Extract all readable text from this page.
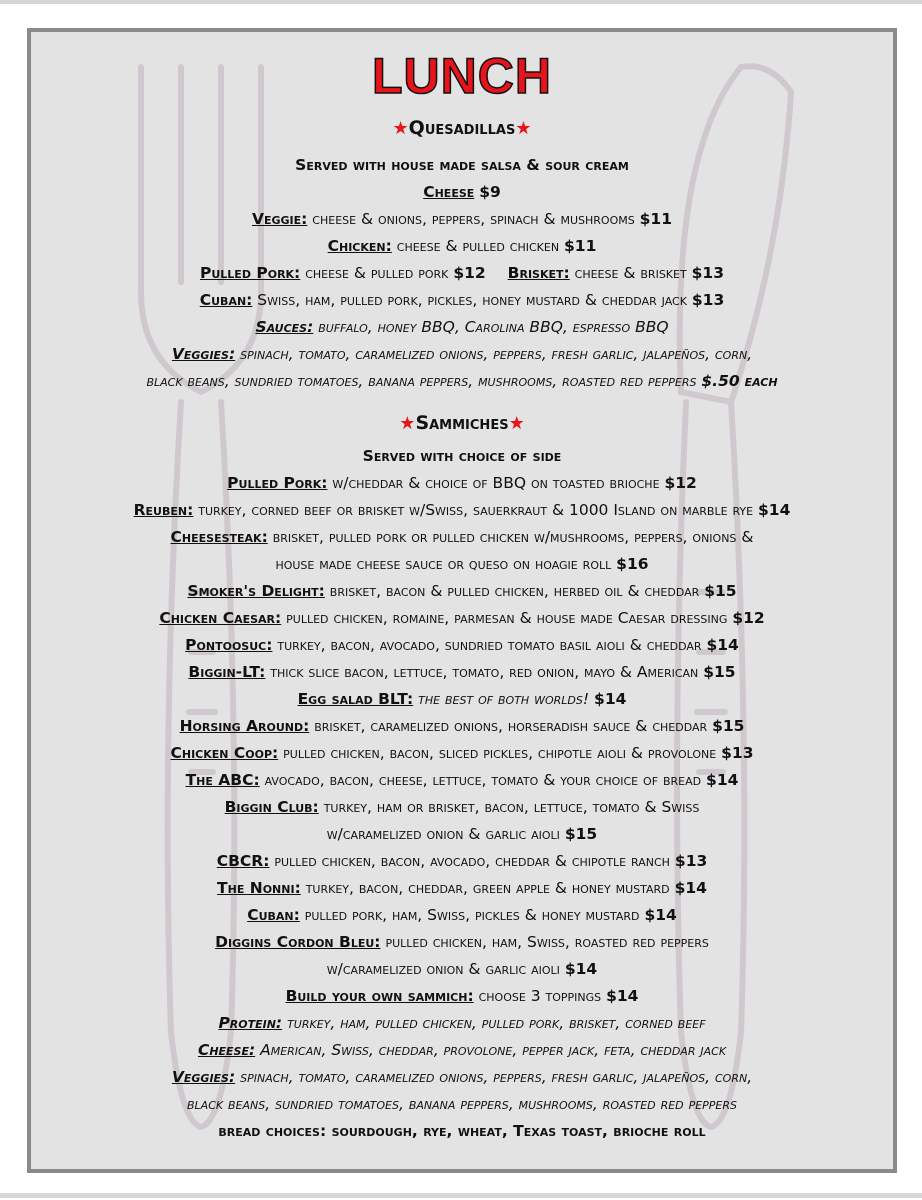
LUNCH
★Quesadillas★
Served with house made salsa & sour cream
Cheese $9
Veggie: cheese & onions, peppers, spinach & mushrooms $11
Chicken: cheese & pulled chicken $11
Pulled Pork: cheese & pulled pork $12 Brisket: cheese & brisket $13
Cuban: Swiss, ham, pulled pork, pickles, honey mustard & cheddar jack $13
Sauces: buffalo, honey BBQ, Carolina BBQ, espresso BBQ
Veggies: spinach, tomato, caramelized onions, peppers, fresh garlic, jalapeños, corn,
black beans, sundried tomatoes, banana peppers, mushrooms, roasted red peppers $.50 each
★Sammiches★
Served with choice of side
Pulled Pork: w/cheddar & choice of BBQ on toasted brioche $12
Reuben: turkey, corned beef or brisket w/Swiss, sauerkraut & 1000 Island on marble rye $14
Cheesesteak: brisket, pulled pork or pulled chicken w/mushrooms, peppers, onions &
house made cheese sauce or queso on hoagie roll $16
Smoker's Delight: brisket, bacon & pulled chicken, herbed oil & cheddar $15
Chicken Caesar: pulled chicken, romaine, parmesan & house made Caesar dressing $12
Pontoosuc: turkey, bacon, avocado, sundried tomato basil aioli & cheddar $14
Biggin-LT: thick slice bacon, lettuce, tomato, red onion, mayo & American $15
Egg salad BLT: the best of both worlds! $14
Horsing Around: brisket, caramelized onions, horseradish sauce & cheddar $15
Chicken Coop: pulled chicken, bacon, sliced pickles, chipotle aioli & provolone $13
The ABC: avocado, bacon, cheese, lettuce, tomato & your choice of bread $14
Biggin Club: turkey, ham or brisket, bacon, lettuce, tomato & Swiss
w/caramelized onion & garlic aioli $15
CBCR: pulled chicken, bacon, avocado, cheddar & chipotle ranch $13
The Nonni: turkey, bacon, cheddar, green apple & honey mustard $14
Cuban: pulled pork, ham, Swiss, pickles & honey mustard $14
Diggins Cordon Bleu: pulled chicken, ham, Swiss, roasted red peppers
w/caramelized onion & garlic aioli $14
Build your own sammich: choose 3 toppings $14
Protein: turkey, ham, pulled chicken, pulled pork, brisket, corned beef
Cheese: American, Swiss, cheddar, provolone, pepper jack, feta, cheddar jack
Veggies: spinach, tomato, caramelized onions, peppers, fresh garlic, jalapeños, corn,
black beans, sundried tomatoes, banana peppers, mushrooms, roasted red peppers
bread choices: sourdough, rye, wheat, Texas toast, brioche roll
